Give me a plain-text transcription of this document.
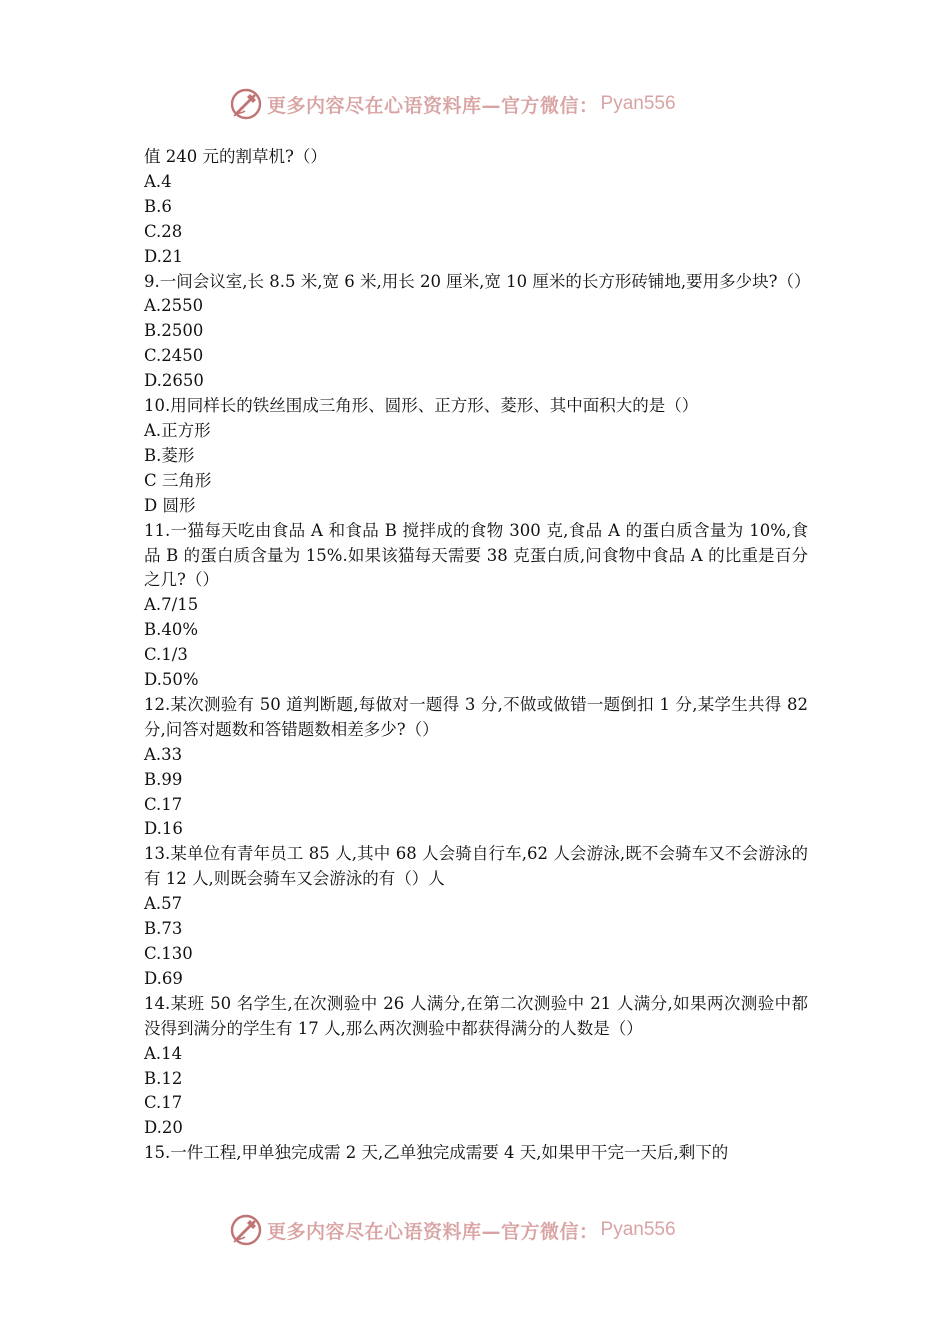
更多内容尽在心语资料库—官方微信： Pyan556

值 240 元的割草机?（）

A.4

B.6

C.28

D.21

9.一间会议室,长 8.5 米,宽 6 米,用长 20 厘米,宽 10 厘米的长方形砖铺地,要用多少块?（）

A.2550

B.2500

C.2450

D.2650

10.用同样长的铁丝围成三角形、圆形、正方形、菱形、其中面积大的是（）

A.正方形

B.菱形

C 三角形

D 圆形

11.一猫每天吃由食品 A 和食品 B 搅拌成的食物 300 克,食品 A 的蛋白质含量为 10%,食品 B 的蛋白质含量为 15%.如果该猫每天需要 38 克蛋白质,问食物中食品 A 的比重是百分之几?（）

A.7/15

B.40%

C.1/3

D.50%

12.某次测验有 50 道判断题,每做对一题得 3 分,不做或做错一题倒扣 1 分,某学生共得 82 分,问答对题数和答错题数相差多少?（）

A.33

B.99

C.17

D.16

13.某单位有青年员工 85 人,其中 68 人会骑自行车,62 人会游泳,既不会骑车又不会游泳的有 12 人,则既会骑车又会游泳的有（）人

A.57

B.73

C.130

D.69

14.某班 50 名学生,在次测验中 26 人满分,在第二次测验中 21 人满分,如果两次测验中都没得到满分的学生有 17 人,那么两次测验中都获得满分的人数是（）

A.14

B.12

C.17

D.20

15.一件工程,甲单独完成需 2 天,乙单独完成需要 4 天,如果甲干完一天后,剩下的

更多内容尽在心语资料库—官方微信： Pyan556
